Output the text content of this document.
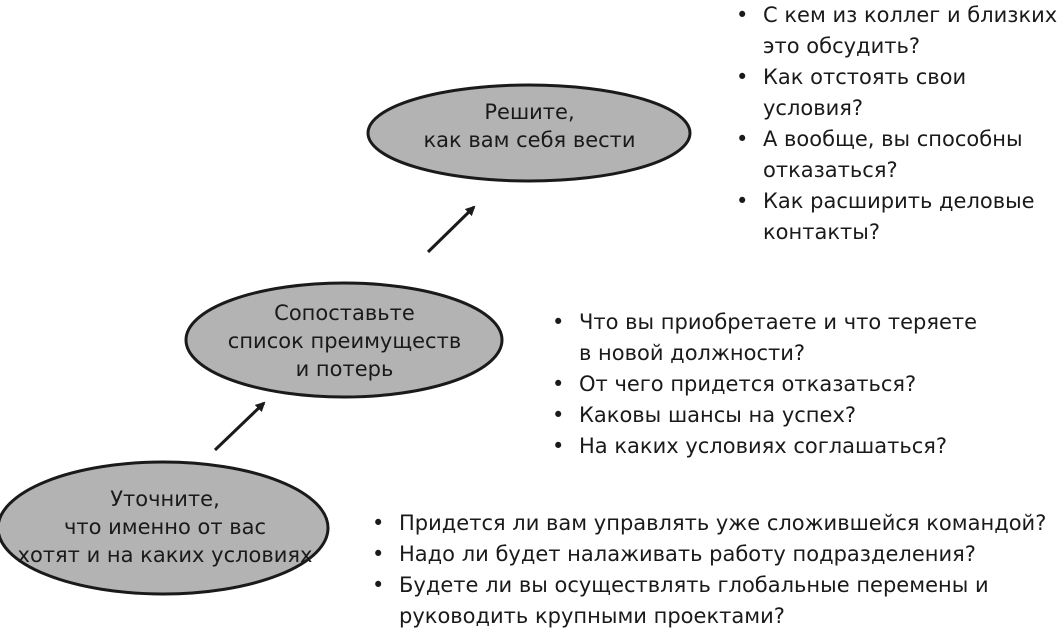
Решите,
как вам себя вести
Сопоставьте
список преимуществ
и потерь
Уточните,
что именно от вас
хотят и на каких условиях
• С кем из коллег и близких
это обсудить?
• Как отстоять свои
условия?
• А вообще, вы способны
отказаться?
• Как расширить деловые
контакты?
• Что вы приобретаете и что теряете
в новой должности?
• От чего придется отказаться?
• Каковы шансы на успех?
• На каких условиях соглашаться?
• Придется ли вам управлять уже сложившейся командой?
• Надо ли будет налаживать работу подразделения?
• Будете ли вы осуществлять глобальные перемены и
руководить крупными проектами?
